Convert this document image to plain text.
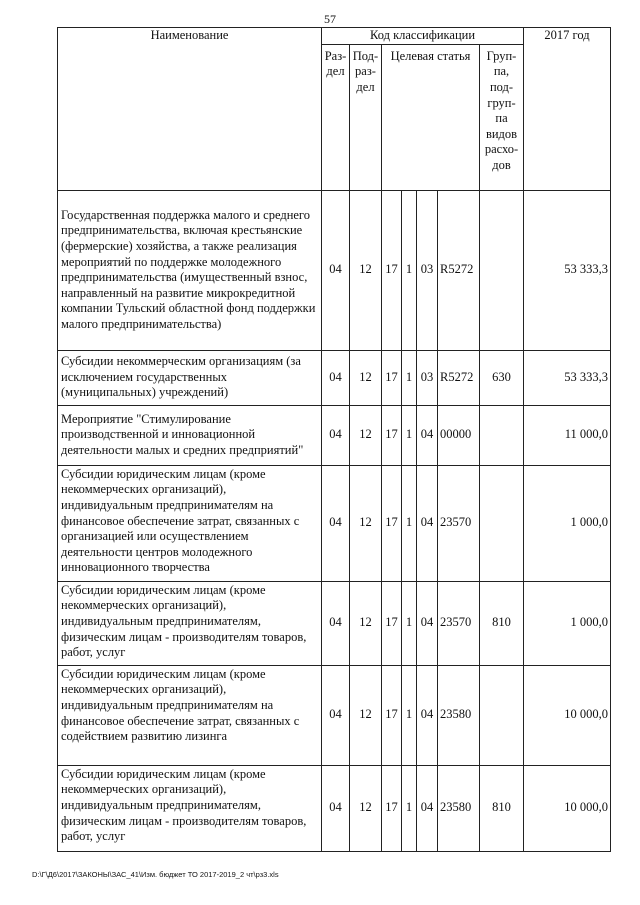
57
Наименование	Код классификации							2017 год
	Раз-дел	Под-раз-дел	Целевая статья				Груп-па, под-груп-па видов расхо-дов	
Государственная поддержка малого и среднего предпринимательства, включая крестьянские (фермерские) хозяйства, а также реализация мероприятий по поддержке молодежного предпринимательства (имущественный взнос, направленный на развитие микрокредитной компании Тульский областной фонд поддержки малого предпринимательства)	04	12	17	1	03	R5272		53 333,3
Субсидии некоммерческим организациям (за исключением государственных (муниципальных) учреждений)	04	12	17	1	03	R5272	630	53 333,3
Мероприятие "Стимулирование производственной и инновационной деятельности малых и средних предприятий"	04	12	17	1	04	00000		11 000,0
Субсидии юридическим лицам (кроме некоммерческих организаций), индивидуальным предпринимателям на финансовое обеспечение затрат, связанных с организацией или осуществлением деятельности центров молодежного инновационного творчества	04	12	17	1	04	23570		1 000,0
Субсидии юридическим лицам (кроме некоммерческих организаций), индивидуальным предпринимателям, физическим лицам - производителям товаров, работ, услуг	04	12	17	1	04	23570	810	1 000,0
Субсидии юридическим лицам (кроме некоммерческих организаций), индивидуальным предпринимателям на финансовое обеспечение затрат, связанных с содействием развитию лизинга	04	12	17	1	04	23580		10 000,0
Субсидии юридическим лицам (кроме некоммерческих организаций), индивидуальным предпринимателям, физическим лицам - производителям товаров, работ, услуг	04	12	17	1	04	23580	810	10 000,0
D:\Г\Д6\2017\ЗАКОНЫ\ЗАС_41\Изм. бюджет ТО 2017-2019_2 чт\рз3.xls
